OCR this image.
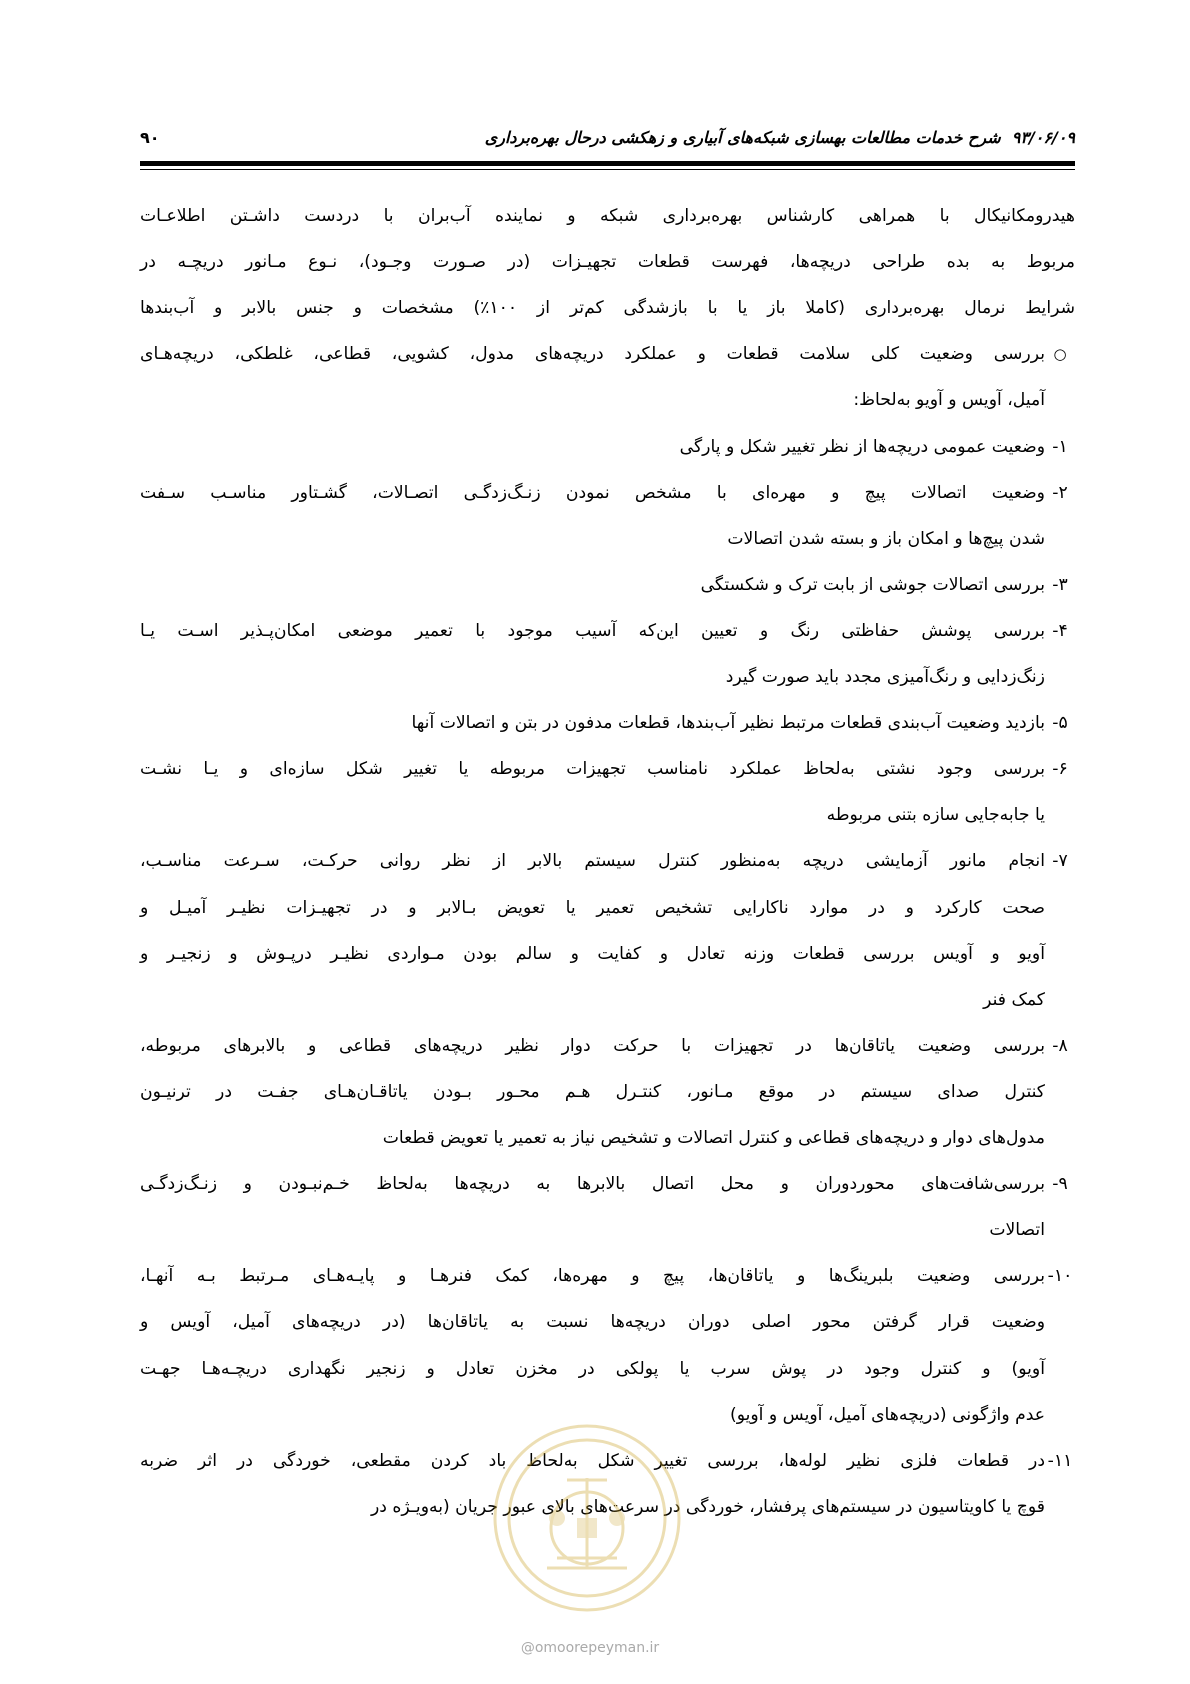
۹۳/۰۶/۰۹  شرح خدمات مطالعات بهسازی شبکه‌های آبیاری و زهکشی درحال بهره‌برداری
۹۰
هیدرومکانیکال با همراهی کارشناس بهره‌برداری شبکه و نماینده آب‌بران با دردست داشـتن اطلاعـات
مربوط به بده طراحی دریچه‌ها، فهرست قطعات تجهیـزات (در صـورت وجـود)، نـوع مـانور دریچـه در
شرایط نرمال بهره‌برداری (کاملا باز یا با بازشدگی کم‌تر از ۱۰۰٪) مشخصات و جنس بالابر و آب‌بندها
○
بررسی وضعیت کلی سلامت قطعات و عملکرد دریچه‌های مدول، کشویی، قطاعی، غلطکی، دریچه‌هـای
آمیل، آویس و آویو به‌لحاظ:
۱-
وضعیت عمومی دریچه‌ها از نظر تغییر شکل و پارگی
۲-
وضعیت اتصالات پیچ و مهره‌ای با مشخص نمودن زنـگ‌زدگـی اتصـالات، گشـتاور مناسـب سـفت
شدن پیچ‌ها و امکان باز و بسته شدن اتصالات
۳-
بررسی اتصالات جوشی از بابت ترک و شکستگی
۴-
بررسی پوشش حفاظتی رنگ و تعیین این‌که آسیب موجود با تعمیر موضعی امکان‌پـذیر اسـت یـا
زنگ‌زدایی و رنگ‌آمیزی مجدد باید صورت گیرد
۵-
بازدید وضعیت آب‌بندی قطعات مرتبط نظیر آب‌بندها، قطعات مدفون در بتن و اتصالات آنها
۶-
بررسی وجود نشتی به‌لحاظ عملکرد نامناسب تجهیزات مربوطه یا تغییر شکل سازه‌ای و یـا نشـت
یا جابه‌جایی سازه بتنی مربوطه
۷-
انجام مانور آزمایشی دریچه به‌منظور کنترل سیستم بالابر از نظر روانی حرکـت، سـرعت مناسـب،
صحت کارکرد و در موارد ناکارایی تشخیص تعمیر یا تعویض بـالابر و در تجهیـزات نظیـر آمیـل و
آویو و آویس بررسی قطعات وزنه تعادل و کفایت و سالم بودن مـواردی نظیـر درپـوش و زنجیـر و
کمک فنر
۸-
بررسی وضعیت یاتاقان‌ها در تجهیزات با حرکت دوار نظیر دریچه‌های قطاعی و بالابرهای مربوطه،
کنترل صدای سیستم در موقع مـانور، کنتـرل هـم محـور بـودن یاتاقـان‌هـای جفـت در ترنیـون
مدول‌های دوار و دریچه‌های قطاعی و کنترل اتصالات و تشخیص نیاز به تعمیر یا تعویض قطعات
۹-
بررسی‌شافت‌های محوردوران و محل اتصال بالابرها به دریچه‌ها به‌لحاظ خـم‌نبـودن و زنـگ‌زدگـی
اتصالات
۱۰-
بررسی وضعیت بلبرینگ‌ها و یاتاقان‌ها، پیچ و مهره‌ها، کمک فنرهـا و پایـه‌هـای مـرتبط بـه آنهـا،
وضعیت قرار گرفتن محور اصلی دوران دریچه‌ها نسبت به یاتاقان‌ها (در دریچه‌های آمیل، آویس و
آویو) و کنترل وجود در پوش سرب یا پولکی در مخزن تعادل و زنجیر نگهداری دریچـه‌هـا جهـت
عدم واژگونی (دریچه‌های آمیل، آویس و آویو)
۱۱-
در قطعات فلزی نظیر لوله‌ها، بررسی تغییر شکل به‌لحاظ باد کردن مقطعی، خوردگی در اثر ضربه
قوچ یا کاویتاسیون در سیستم‌های پرفشار، خوردگی در سرعت‌های بالای عبور جریان (به‌ویـژه در
@omoorepeyman.ir
